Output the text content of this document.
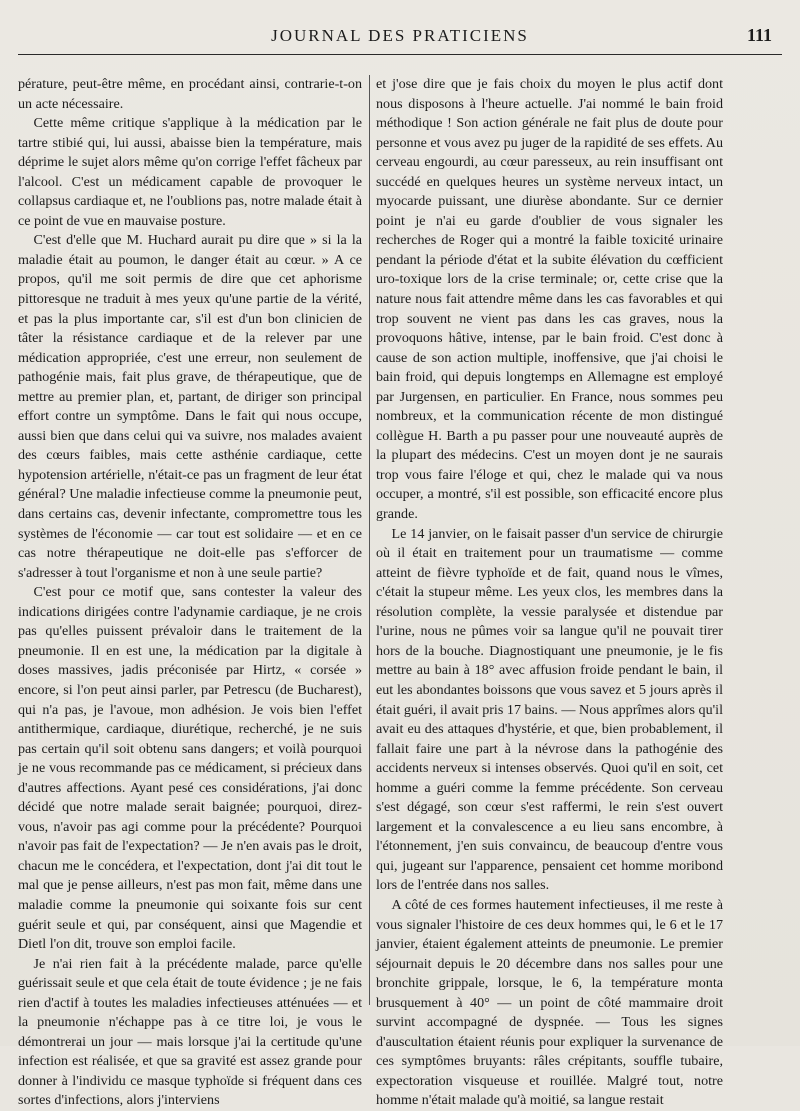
JOURNAL DES PRATICIENS	111

pérature, peut-être même, en procédant ainsi, contrarie-t-on un acte nécessaire.

Cette même critique s'applique à la médication par le tartre stibié qui, lui aussi, abaisse bien la température, mais déprime le sujet alors même qu'on corrige l'effet fâcheux par l'alcool. C'est un médicament capable de provoquer le collapsus cardiaque et, ne l'oublions pas, notre malade était à ce point de vue en mauvaise posture.

C'est d'elle que M. Huchard aurait pu dire que » si la la maladie était au poumon, le danger était au cœur. » A ce propos, qu'il me soit permis de dire que cet aphorisme pittoresque ne traduit à mes yeux qu'une partie de la vérité, et pas la plus importante car, s'il est d'un bon clinicien de tâter la résistance cardiaque et de la relever par une médication appropriée, c'est une erreur, non seulement de pathogénie mais, fait plus grave, de thérapeutique, que de mettre au premier plan, et, partant, de diriger son principal effort contre un symptôme. Dans le fait qui nous occupe, aussi bien que dans celui qui va suivre, nos malades avaient des cœurs faibles, mais cette asthénie cardiaque, cette hypotension artérielle, n'était-ce pas un fragment de leur état général? Une maladie infectieuse comme la pneumonie peut, dans certains cas, devenir infectante, compromettre tous les systèmes de l'économie — car tout est solidaire — et en ce cas notre thérapeutique ne doit-elle pas s'efforcer de s'adresser à tout l'organisme et non à une seule partie?

C'est pour ce motif que, sans contester la valeur des indications dirigées contre l'adynamie cardiaque, je ne crois pas qu'elles puissent prévaloir dans le traitement de la pneumonie. Il en est une, la médication par la digitale à doses massives, jadis préconisée par Hirtz, « corsée » encore, si l'on peut ainsi parler, par Petrescu (de Bucharest), qui n'a pas, je l'avoue, mon adhésion. Je vois bien l'effet antithermique, cardiaque, diurétique, recherché, je ne suis pas certain qu'il soit obtenu sans dangers; et voilà pourquoi je ne vous recommande pas ce médicament, si précieux dans d'autres affections. Ayant pesé ces considérations, j'ai donc décidé que notre malade serait baignée; pourquoi, direz-vous, n'avoir pas agi comme pour la précédente? Pourquoi n'avoir pas fait de l'expectation? — Je n'en avais pas le droit, chacun me le concédera, et l'expectation, dont j'ai dit tout le mal que je pense ailleurs, n'est pas mon fait, même dans une maladie comme la pneumonie qui soixante fois sur cent guérit seule et qui, par conséquent, ainsi que Magendie et Dietl l'on dit, trouve son emploi facile.

Je n'ai rien fait à la précédente malade, parce qu'elle guérissait seule et que cela était de toute évidence ; je ne fais rien d'actif à toutes les maladies infectieuses atténuées — et la pneumonie n'échappe pas à ce titre loi, je vous le démontrerai un jour — mais lorsque j'ai la certitude qu'une infection est réalisée, et que sa gravité est assez grande pour donner à l'individu ce masque typhoïde si fréquent dans ces sortes d'infections, alors j'interviens

et j'ose dire que je fais choix du moyen le plus actif dont nous disposons à l'heure actuelle. J'ai nommé le bain froid méthodique ! Son action générale ne fait plus de doute pour personne et vous avez pu juger de la rapidité de ses effets. Au cerveau engourdi, au cœur paresseux, au rein insuffisant ont succédé en quelques heures un système nerveux intact, un myocarde puissant, une diurèse abondante. Sur ce dernier point je n'ai eu garde d'oublier de vous signaler les recherches de Roger qui a montré la faible toxicité urinaire pendant la période d'état et la subite élévation du cœfficient uro-toxique lors de la crise terminale; or, cette crise que la nature nous fait attendre même dans les cas favorables et qui trop souvent ne vient pas dans les cas graves, nous la provoquons hâtive, intense, par le bain froid. C'est donc à cause de son action multiple, inoffensive, que j'ai choisi le bain froid, qui depuis longtemps en Allemagne est employé par Jurgensen, en particulier. En France, nous sommes peu nombreux, et la communication récente de mon distingué collègue H. Barth a pu passer pour une nouveauté auprès de la plupart des médecins. C'est un moyen dont je ne saurais trop vous faire l'éloge et qui, chez le malade qui va nous occuper, a montré, s'il est possible, son efficacité encore plus grande.

Le 14 janvier, on le faisait passer d'un service de chirurgie où il était en traitement pour un traumatisme — comme atteint de fièvre typhoïde et de fait, quand nous le vîmes, c'était la stupeur même. Les yeux clos, les membres dans la résolution complète, la vessie paralysée et distendue par l'urine, nous ne pûmes voir sa langue qu'il ne pouvait tirer hors de la bouche. Diagnostiquant une pneumonie, je le fis mettre au bain à 18° avec affusion froide pendant le bain, il eut les abondantes boissons que vous savez et 5 jours après il était guéri, il avait pris 17 bains. — Nous apprîmes alors qu'il avait eu des attaques d'hystérie, et que, bien probablement, il fallait faire une part à la névrose dans la pathogénie des accidents nerveux si intenses observés. Quoi qu'il en soit, cet homme a guéri comme la femme précédente. Son cerveau s'est dégagé, son cœur s'est raffermi, le rein s'est ouvert largement et la convalescence a eu lieu sans encombre, à l'étonnement, j'en suis convaincu, de beaucoup d'entre vous qui, jugeant sur l'apparence, pensaient cet homme moribond lors de l'entrée dans nos salles.

A côté de ces formes hautement infectieuses, il me reste à vous signaler l'histoire de ces deux hommes qui, le 6 et le 17 janvier, étaient également atteints de pneumonie. Le premier séjournait depuis le 20 décembre dans nos salles pour une bronchite grippale, lorsque, le 6, la température monta brusquement à 40° — un point de côté mammaire droit survint accompagné de dyspnée. — Tous les signes d'auscultation étaient réunis pour expliquer la survenance de ces symptômes bruyants: râles crépitants, souffle tubaire, expectoration visqueuse et rouillée. Malgré tout, notre homme n'était malade qu'à moitié, sa langue restait
